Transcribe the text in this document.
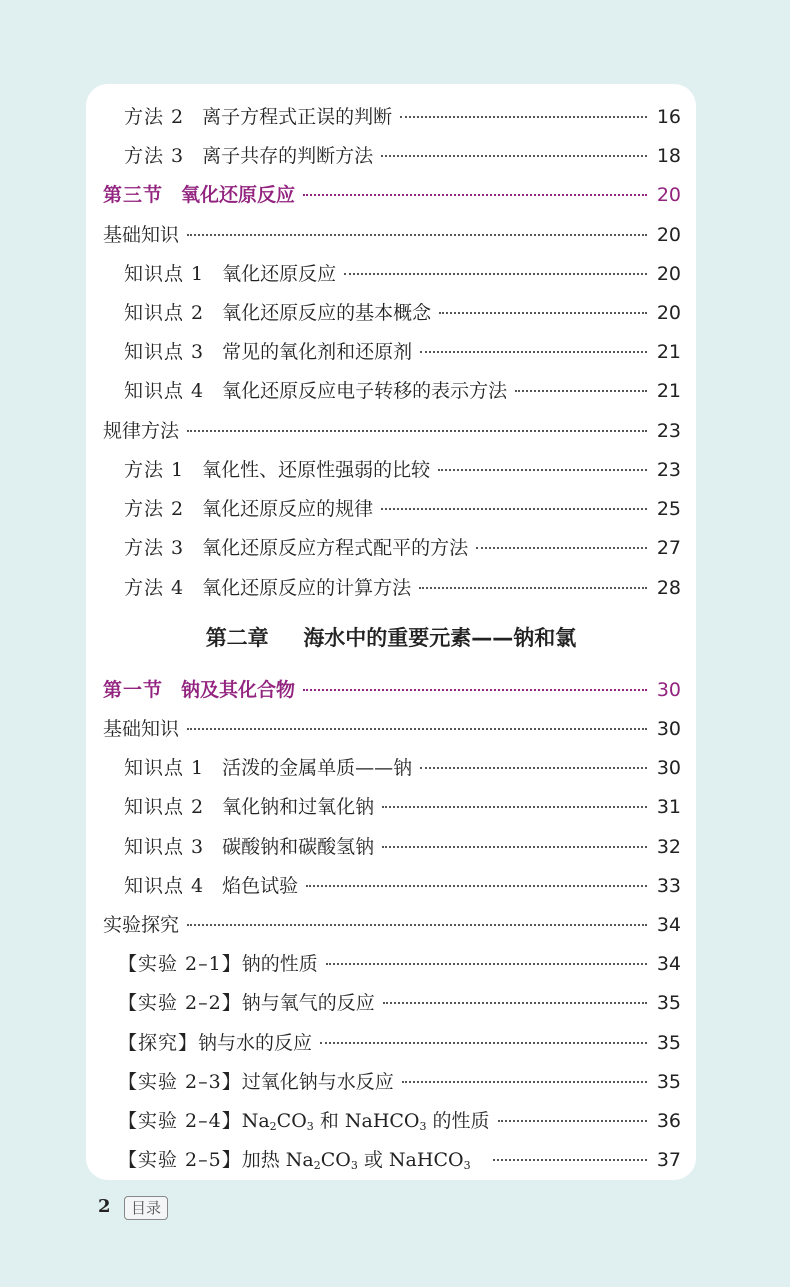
方法 2 离子方程式正误的判断	16
方法 3 离子共存的判断方法	18
第三节 氧化还原反应	20
基础知识	20
知识点 1 氧化还原反应	20
知识点 2 氧化还原反应的基本概念	20
知识点 3 常见的氧化剂和还原剂	21
知识点 4 氧化还原反应电子转移的表示方法	21
规律方法	23
方法 1 氧化性、还原性强弱的比较	23
方法 2 氧化还原反应的规律	25
方法 3 氧化还原反应方程式配平的方法	27
方法 4 氧化还原反应的计算方法	28
第二章 海水中的重要元素——钠和氯
第一节 钠及其化合物	30
基础知识	30
知识点 1 活泼的金属单质——钠	30
知识点 2 氧化钠和过氧化钠	31
知识点 3 碳酸钠和碳酸氢钠	32
知识点 4 焰色试验	33
实验探究	34
【实验 2–1】 钠的性质	34
【实验 2–2】 钠与氧气的反应	35
【探究】 钠与水的反应	35
【实验 2–3】 过氧化钠与水反应	35
【实验 2–4】 $Na_2CO_3$ 和 NaHCO$_3$ 的性质	36
【实验 2–5】 加热 $Na_2CO_3$ 或 NaHCO$_3$	37
2	目录
